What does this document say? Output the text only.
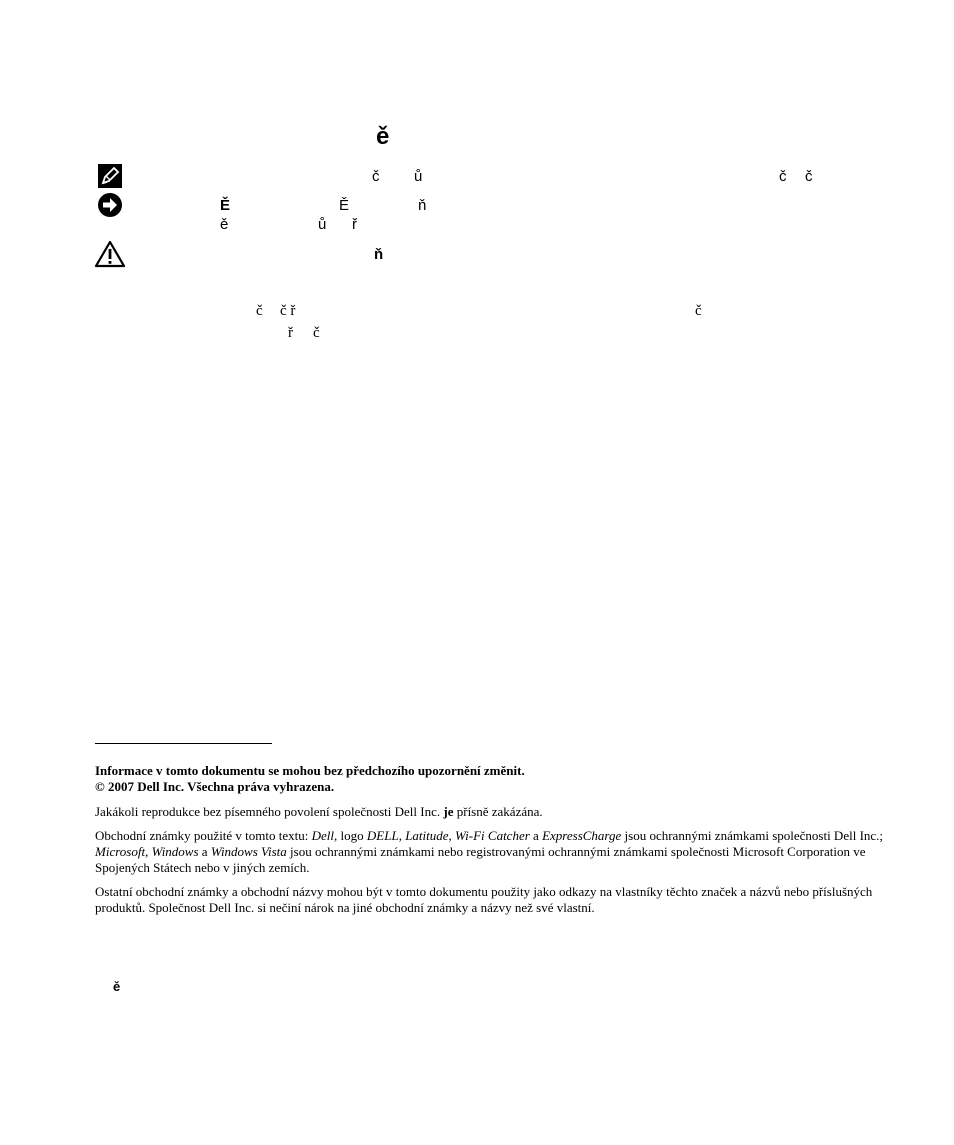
ě
č ů	č č
Ě	Ě	ň
ě	ů ř
ň
č č ř	č
ř č

Informace v tomto dokumentu se mohou bez předchozího upozornění změnit.
© 2007 Dell Inc. Všechna práva vyhrazena.

Jakákoli reprodukce bez písemného povolení společnosti Dell Inc. je přísně zakázána.

Obchodní známky použité v tomto textu: Dell, logo DELL, Latitude, Wi-Fi Catcher a ExpressCharge jsou ochrannými známkami společnosti Dell Inc.; Microsoft, Windows a Windows Vista jsou ochrannými známkami nebo registrovanými ochrannými známkami společnosti Microsoft Corporation ve Spojených Státech nebo v jiných zemích.

Ostatní obchodní známky a obchodní názvy mohou být v tomto dokumentu použity jako odkazy na vlastníky těchto značek a názvů nebo příslušných produktů. Společnost Dell Inc. si nečiní nárok na jiné obchodní známky a názvy než své vlastní.

ě
